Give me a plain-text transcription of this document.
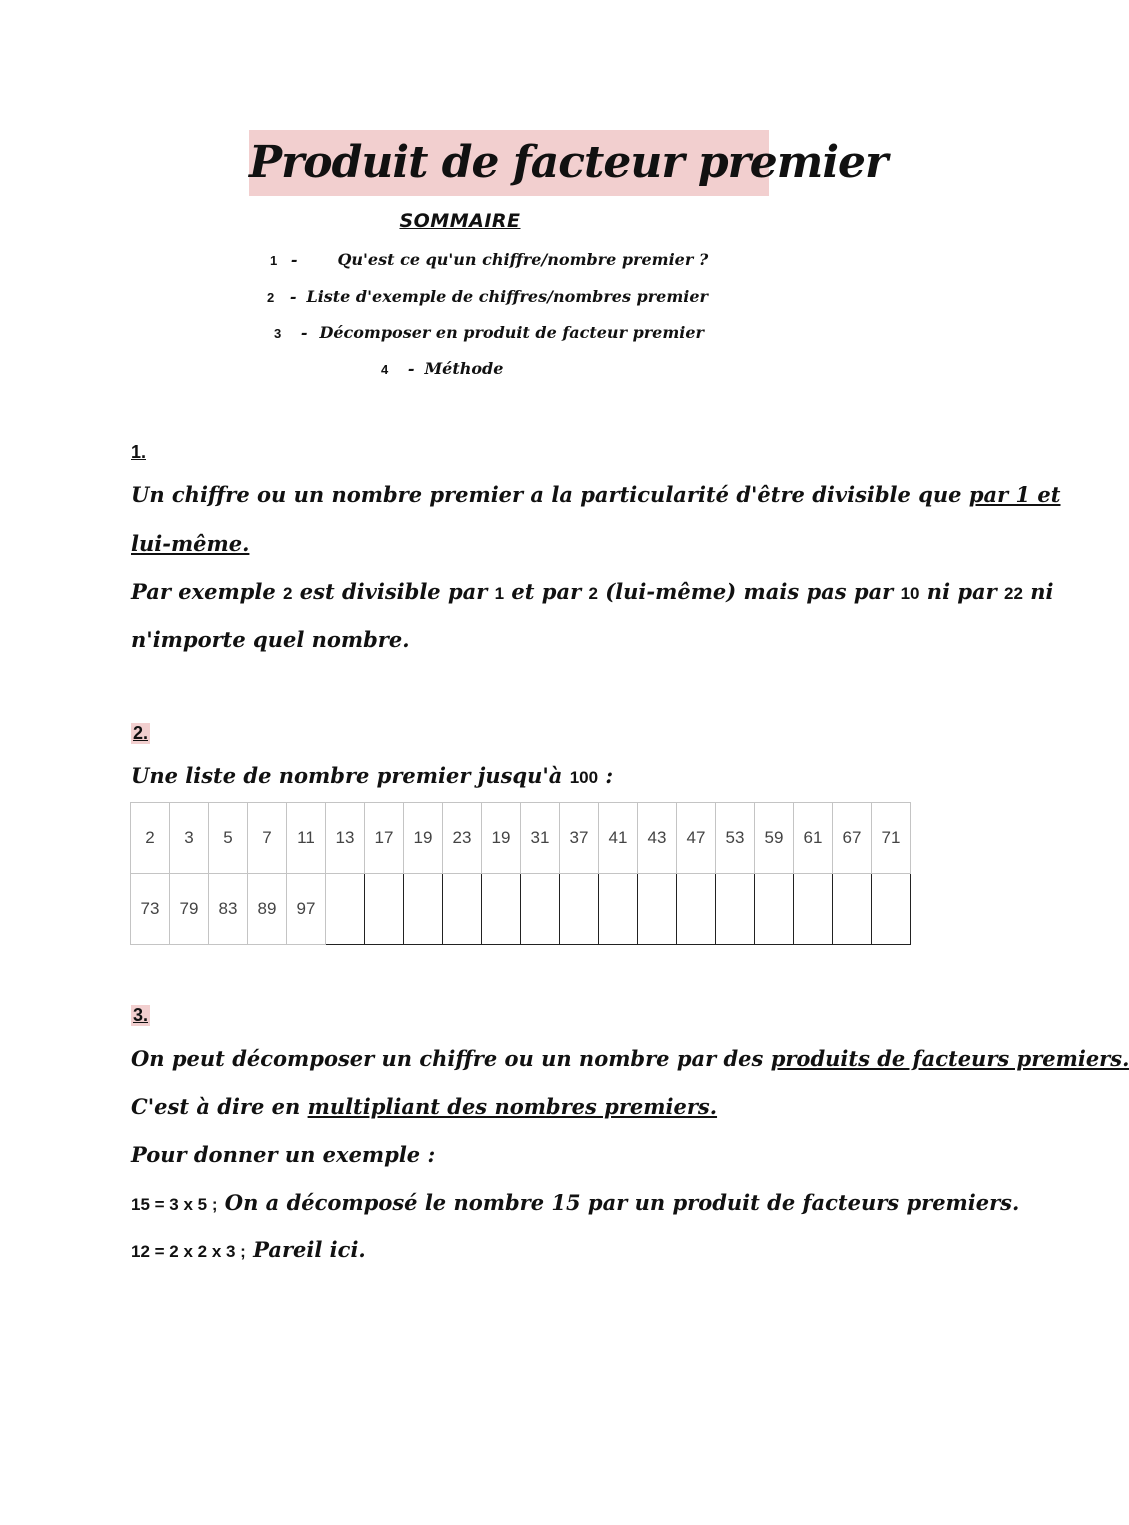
Produit de facteur premier
SOMMAIRE
1 -	Qu'est ce qu'un chiffre/nombre premier ?
2 - Liste d'exemple de chiffres/nombres premier
3 - Décomposer en produit de facteur premier
4 - Méthode
1.
Un chiffre ou un nombre premier a la particularité d'être divisible que par 1 et
lui-même.
Par exemple 2 est divisible par 1 et par 2 (lui-même) mais pas par 10 ni par 22 ni
n'importe quel nombre.
2.
Une liste de nombre premier jusqu'à 100 :
2	3	5	7	11	13	17	19	23	19	31	37	41	43	47	53	59	61	67	71
73	79	83	89	97															
3.
On peut décomposer un chiffre ou un nombre par des produits de facteurs premiers.
C'est à dire en multipliant des nombres premiers.
Pour donner un exemple :
15 = 3 x 5 ; On a décomposé le nombre 15 par un produit de facteurs premiers.
12 = 2 x 2 x 3 ; Pareil ici.
